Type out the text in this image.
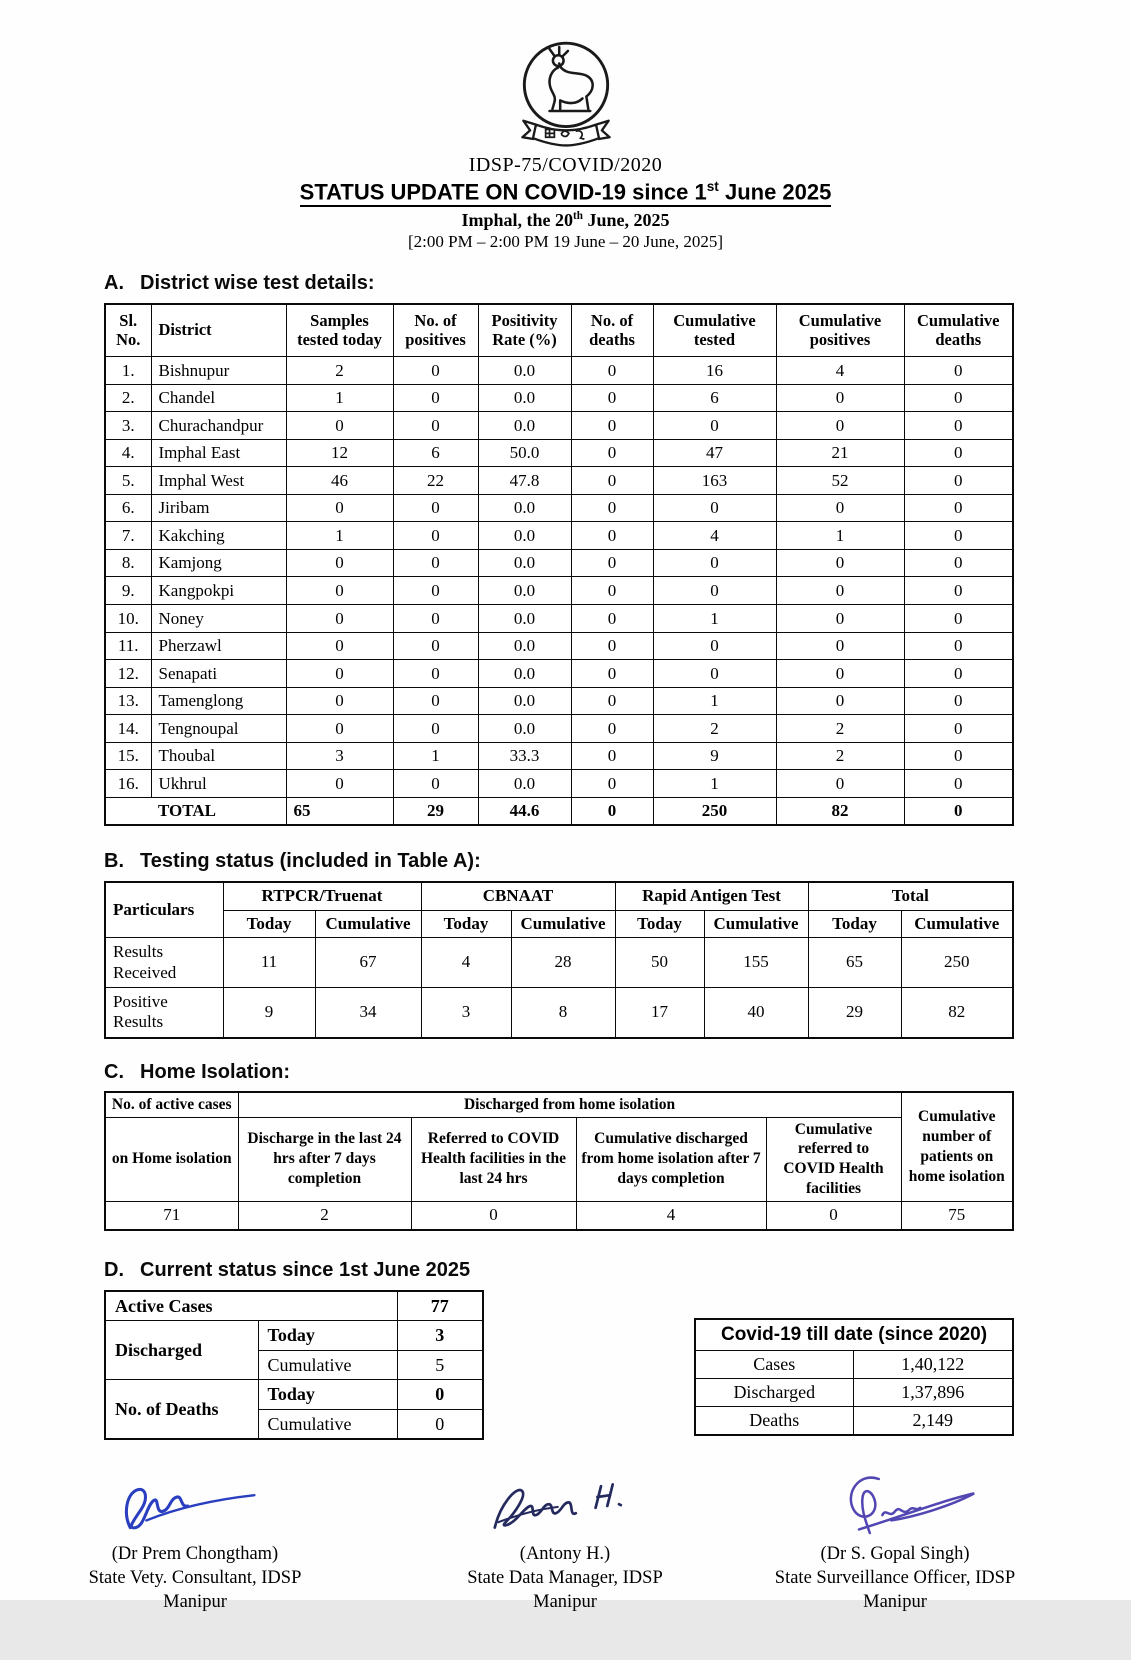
IDSP-75/COVID/2020
STATUS UPDATE ON COVID-19 since 1st June 2025
Imphal, the 20th June, 2025
[2:00 PM – 2:00 PM 19 June – 20 June, 2025]
A. District wise test details:
Sl. No.	District	Samples tested today	No. of positives	Positivity Rate (%)	No. of deaths	Cumulative tested	Cumulative positives	Cumulative deaths
1.	Bishnupur	2	0	0.0	0	16	4	0
2.	Chandel	1	0	0.0	0	6	0	0
3.	Churachandpur	0	0	0.0	0	0	0	0
4.	Imphal East	12	6	50.0	0	47	21	0
5.	Imphal West	46	22	47.8	0	163	52	0
6.	Jiribam	0	0	0.0	0	0	0	0
7.	Kakching	1	0	0.0	0	4	1	0
8.	Kamjong	0	0	0.0	0	0	0	0
9.	Kangpokpi	0	0	0.0	0	0	0	0
10.	Noney	0	0	0.0	0	1	0	0
11.	Pherzawl	0	0	0.0	0	0	0	0
12.	Senapati	0	0	0.0	0	0	0	0
13.	Tamenglong	0	0	0.0	0	1	0	0
14.	Tengnoupal	0	0	0.0	0	2	2	0
15.	Thoubal	3	1	33.3	0	9	2	0
16.	Ukhrul	0	0	0.0	0	1	0	0
TOTAL		65	29	44.6	0	250	82	0
B. Testing status (included in Table A):
Particulars	RTPCR/Truenat		CBNAAT		Rapid Antigen Test		Total	
	Today	Cumulative	Today	Cumulative	Today	Cumulative	Today	Cumulative
Results Received	11	67	4	28	50	155	65	250
Positive Results	9	34	3	8	17	40	29	82
C. Home Isolation:
No. of active cases	Discharged from home isolation				Cumulative number of patients on home isolation
on Home isolation	Discharge in the last 24 hrs after 7 days completion	Referred to COVID Health facilities in the last 24 hrs	Cumulative discharged from home isolation after 7 days completion	Cumulative referred to COVID Health facilities	
71	2	0	4	0	75
D. Current status since 1st June 2025
Active Cases		77
Discharged	Today	3
	Cumulative	5
No. of Deaths	Today	0
	Cumulative	0
Covid-19 till date (since 2020)	
Cases	1,40,122
Discharged	1,37,896
Deaths	2,149
(Dr Prem Chongtham)
State Vety. Consultant, IDSP
Manipur
(Antony H.)
State Data Manager, IDSP
Manipur
(Dr S. Gopal Singh)
State Surveillance Officer, IDSP
Manipur
